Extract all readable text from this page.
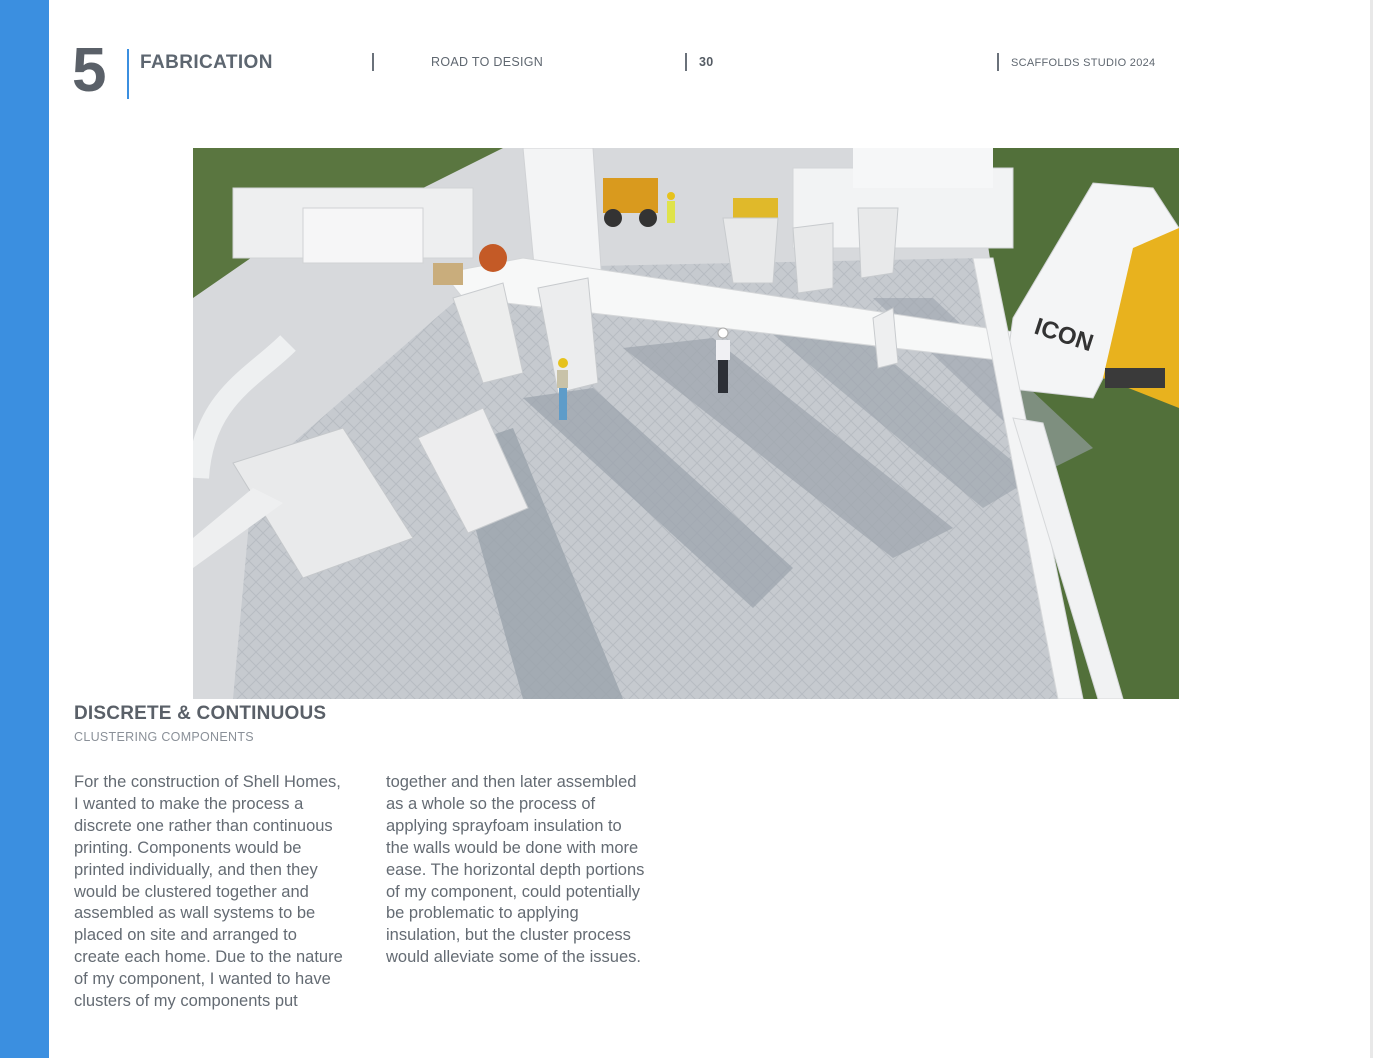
5 FABRICATION	ROAD TO DESIGN	30	SCAFFOLDS STUDIO 2024
ICON
DISCRETE & CONTINUOUS
CLUSTERING COMPONENTS
For the construction of Shell Homes,
I wanted to make the process a
discrete one rather than continuous
printing. Components would be
printed individually, and then they
would be clustered together and
assembled as wall systems to be
placed on site and arranged to
create each home. Due to the nature
of my component, I wanted to have
clusters of my components put
together and then later assembled
as a whole so the process of
applying sprayfoam insulation to
the walls would be done with more
ease. The horizontal depth portions
of my component, could potentially
be problematic to applying
insulation, but the cluster process
would alleviate some of the issues.
